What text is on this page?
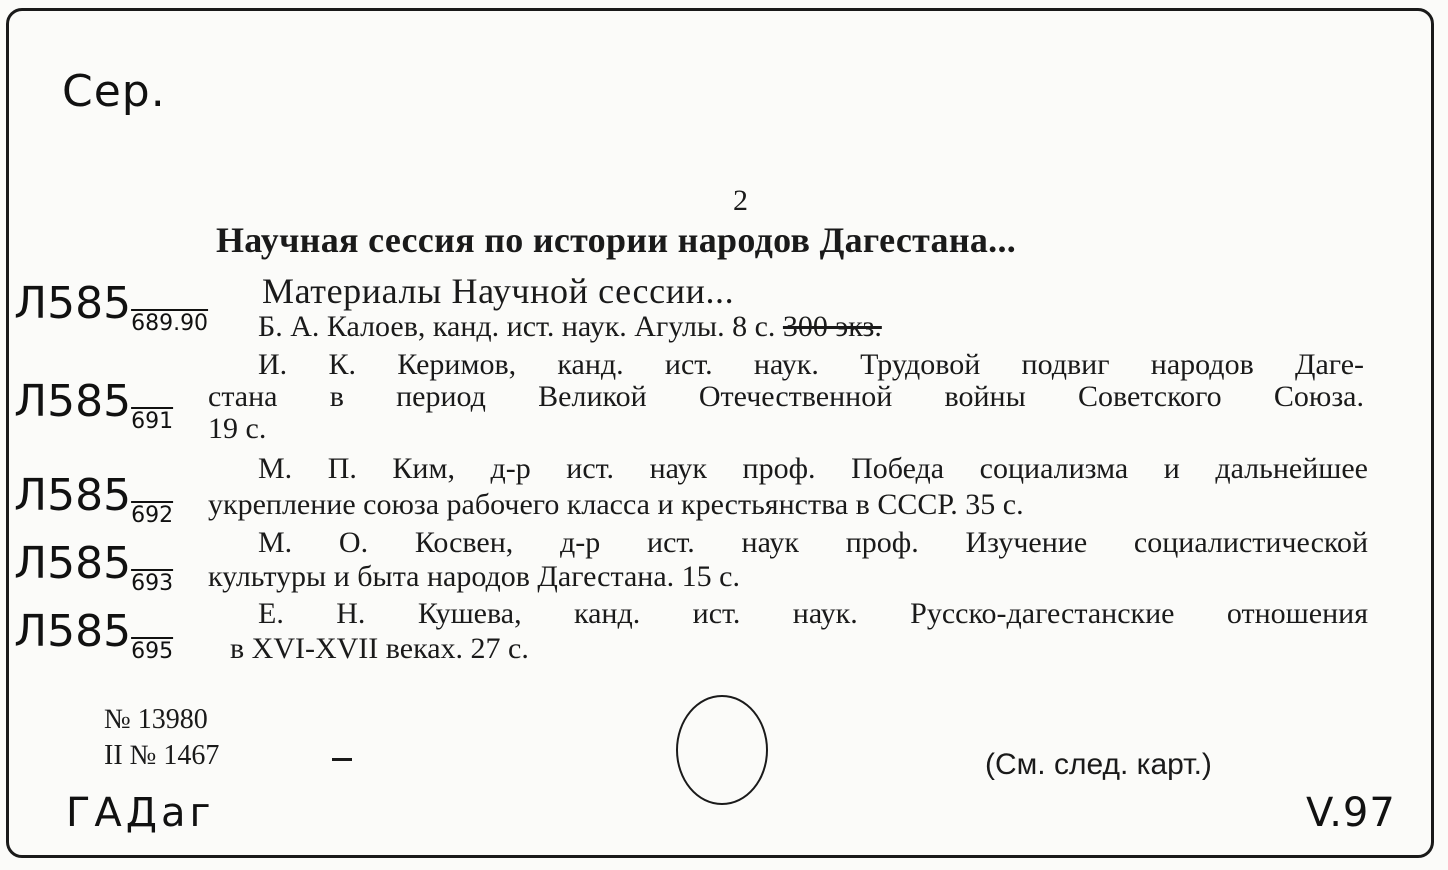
Сер.
2
Научная сессия по истории народов Дагестана...
Материалы Научной сессии...
$Л585_{689.90}$ Б. А. Калоев, канд. ист. наук. Агулы. 8 с. 300 экз.
$Л585_{691}$
И. К. Керимов, канд. ист. наук. Трудовой подвиг народов Даге-
стана в период Великой Отечественной войны Советского Союза.
19 с.
$Л585_{692}$
М. П. Ким, д-р ист. наук проф. Победа социализма и дальнейшее
укрепление союза рабочего класса и крестьянства в СССР. 35 с.
$Л585_{693}$
М. О. Косвен, д-р ист. наук проф. Изучение социалистической
культуры и быта народов Дагестана. 15 с.
$Л585_{695}$
Е. Н. Кушева, канд. ист. наук. Русско-дагестанские отношения
в XVI-XVII веках. 27 с.
№ 13980
II № 1467	(См. след. карт.)
ГАДаг	V.97
